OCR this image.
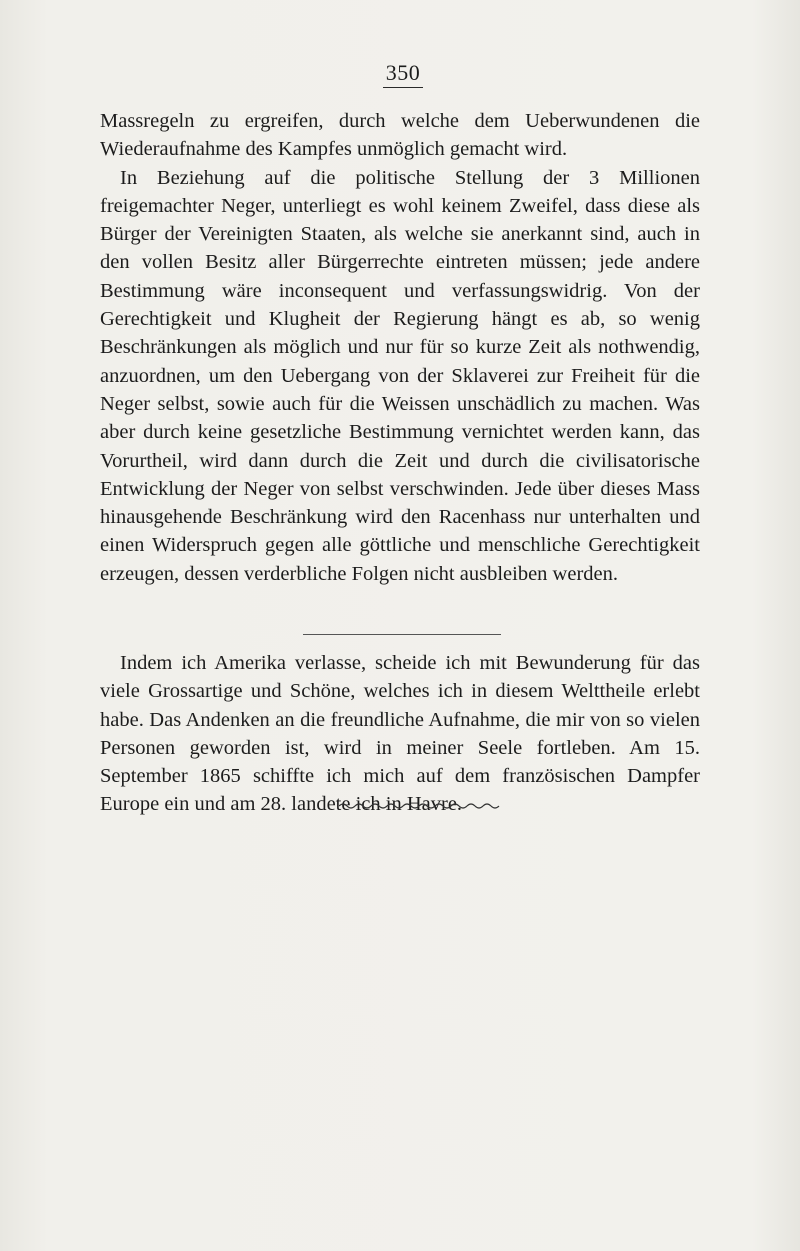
350

Massregeln zu ergreifen, durch welche dem Ueberwundenen die Wiederaufnahme des Kampfes unmöglich gemacht wird.

In Beziehung auf die politische Stellung der 3 Millionen freigemachter Neger, unterliegt es wohl keinem Zweifel, dass diese als Bürger der Vereinigten Staaten, als welche sie anerkannt sind, auch in den vollen Besitz aller Bürgerrechte eintreten müssen; jede andere Bestimmung wäre inconsequent und verfassungswidrig. Von der Gerechtigkeit und Klugheit der Regierung hängt es ab, so wenig Beschränkungen als möglich und nur für so kurze Zeit als nothwendig, anzuordnen, um den Uebergang von der Sklaverei zur Freiheit für die Neger selbst, sowie auch für die Weissen unschädlich zu machen. Was aber durch keine gesetzliche Bestimmung vernichtet werden kann, das Vorurtheil, wird dann durch die Zeit und durch die civilisatorische Entwicklung der Neger von selbst verschwinden. Jede über dieses Mass hinausgehende Beschränkung wird den Racenhass nur unterhalten und einen Widerspruch gegen alle göttliche und menschliche Gerechtigkeit erzeugen, dessen verderbliche Folgen nicht ausbleiben werden.

Indem ich Amerika verlasse, scheide ich mit Bewunderung für das viele Grossartige und Schöne, welches ich in diesem Welttheile erlebt habe. Das Andenken an die freundliche Aufnahme, die mir von so vielen Personen geworden ist, wird in meiner Seele fortleben. Am 15. September 1865 schiffte ich mich auf dem französischen Dampfer Europe ein und am 28. landete ich in Havre.
